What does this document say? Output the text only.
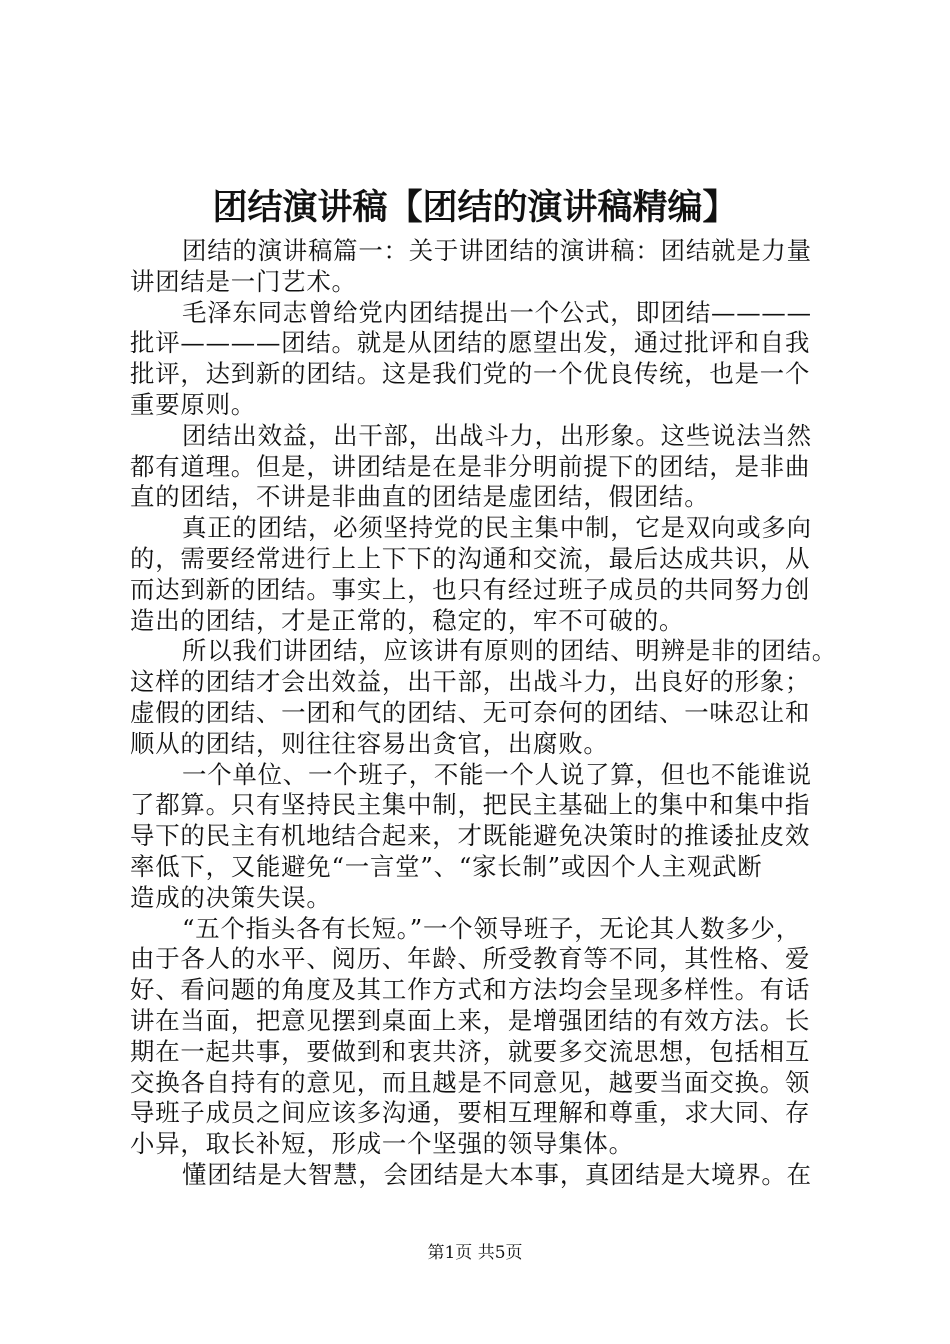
团结演讲稿【团结的演讲稿精编】
团结的演讲稿篇一：关于讲团结的演讲稿：团结就是力量
讲团结是一门艺术。
毛泽东同志曾给党内团结提出一个公式，即团结————
批评————团结。就是从团结的愿望出发，通过批评和自我
批评，达到新的团结。这是我们党的一个优良传统，也是一个
重要原则。
团结出效益，出干部，出战斗力，出形象。这些说法当然
都有道理。但是，讲团结是在是非分明前提下的团结，是非曲
直的团结，不讲是非曲直的团结是虚团结，假团结。
真正的团结，必须坚持党的民主集中制，它是双向或多向
的，需要经常进行上上下下的沟通和交流，最后达成共识，从
而达到新的团结。事实上，也只有经过班子成员的共同努力创
造出的团结，才是正常的，稳定的，牢不可破的。
所以我们讲团结，应该讲有原则的团结、明辨是非的团结。
这样的团结才会出效益，出干部，出战斗力，出良好的形象；
虚假的团结、一团和气的团结、无可奈何的团结、一味忍让和
顺从的团结，则往往容易出贪官，出腐败。
一个单位、一个班子，不能一个人说了算，但也不能谁说
了都算。只有坚持民主集中制，把民主基础上的集中和集中指
导下的民主有机地结合起来，才既能避免决策时的推诿扯皮效
率低下，又能避免“一言堂”、“家长制”或因个人主观武断
造成的决策失误。
“五个指头各有长短。”一个领导班子，无论其人数多少，
由于各人的水平、阅历、年龄、所受教育等不同，其性格、爱
好、看问题的角度及其工作方式和方法均会呈现多样性。有话
讲在当面，把意见摆到桌面上来，是增强团结的有效方法。长
期在一起共事，要做到和衷共济，就要多交流思想，包括相互
交换各自持有的意见，而且越是不同意见，越要当面交换。领
导班子成员之间应该多沟通，要相互理解和尊重，求大同、存
小异，取长补短，形成一个坚强的领导集体。
懂团结是大智慧，会团结是大本事，真团结是大境界。在
第1页 共5页
